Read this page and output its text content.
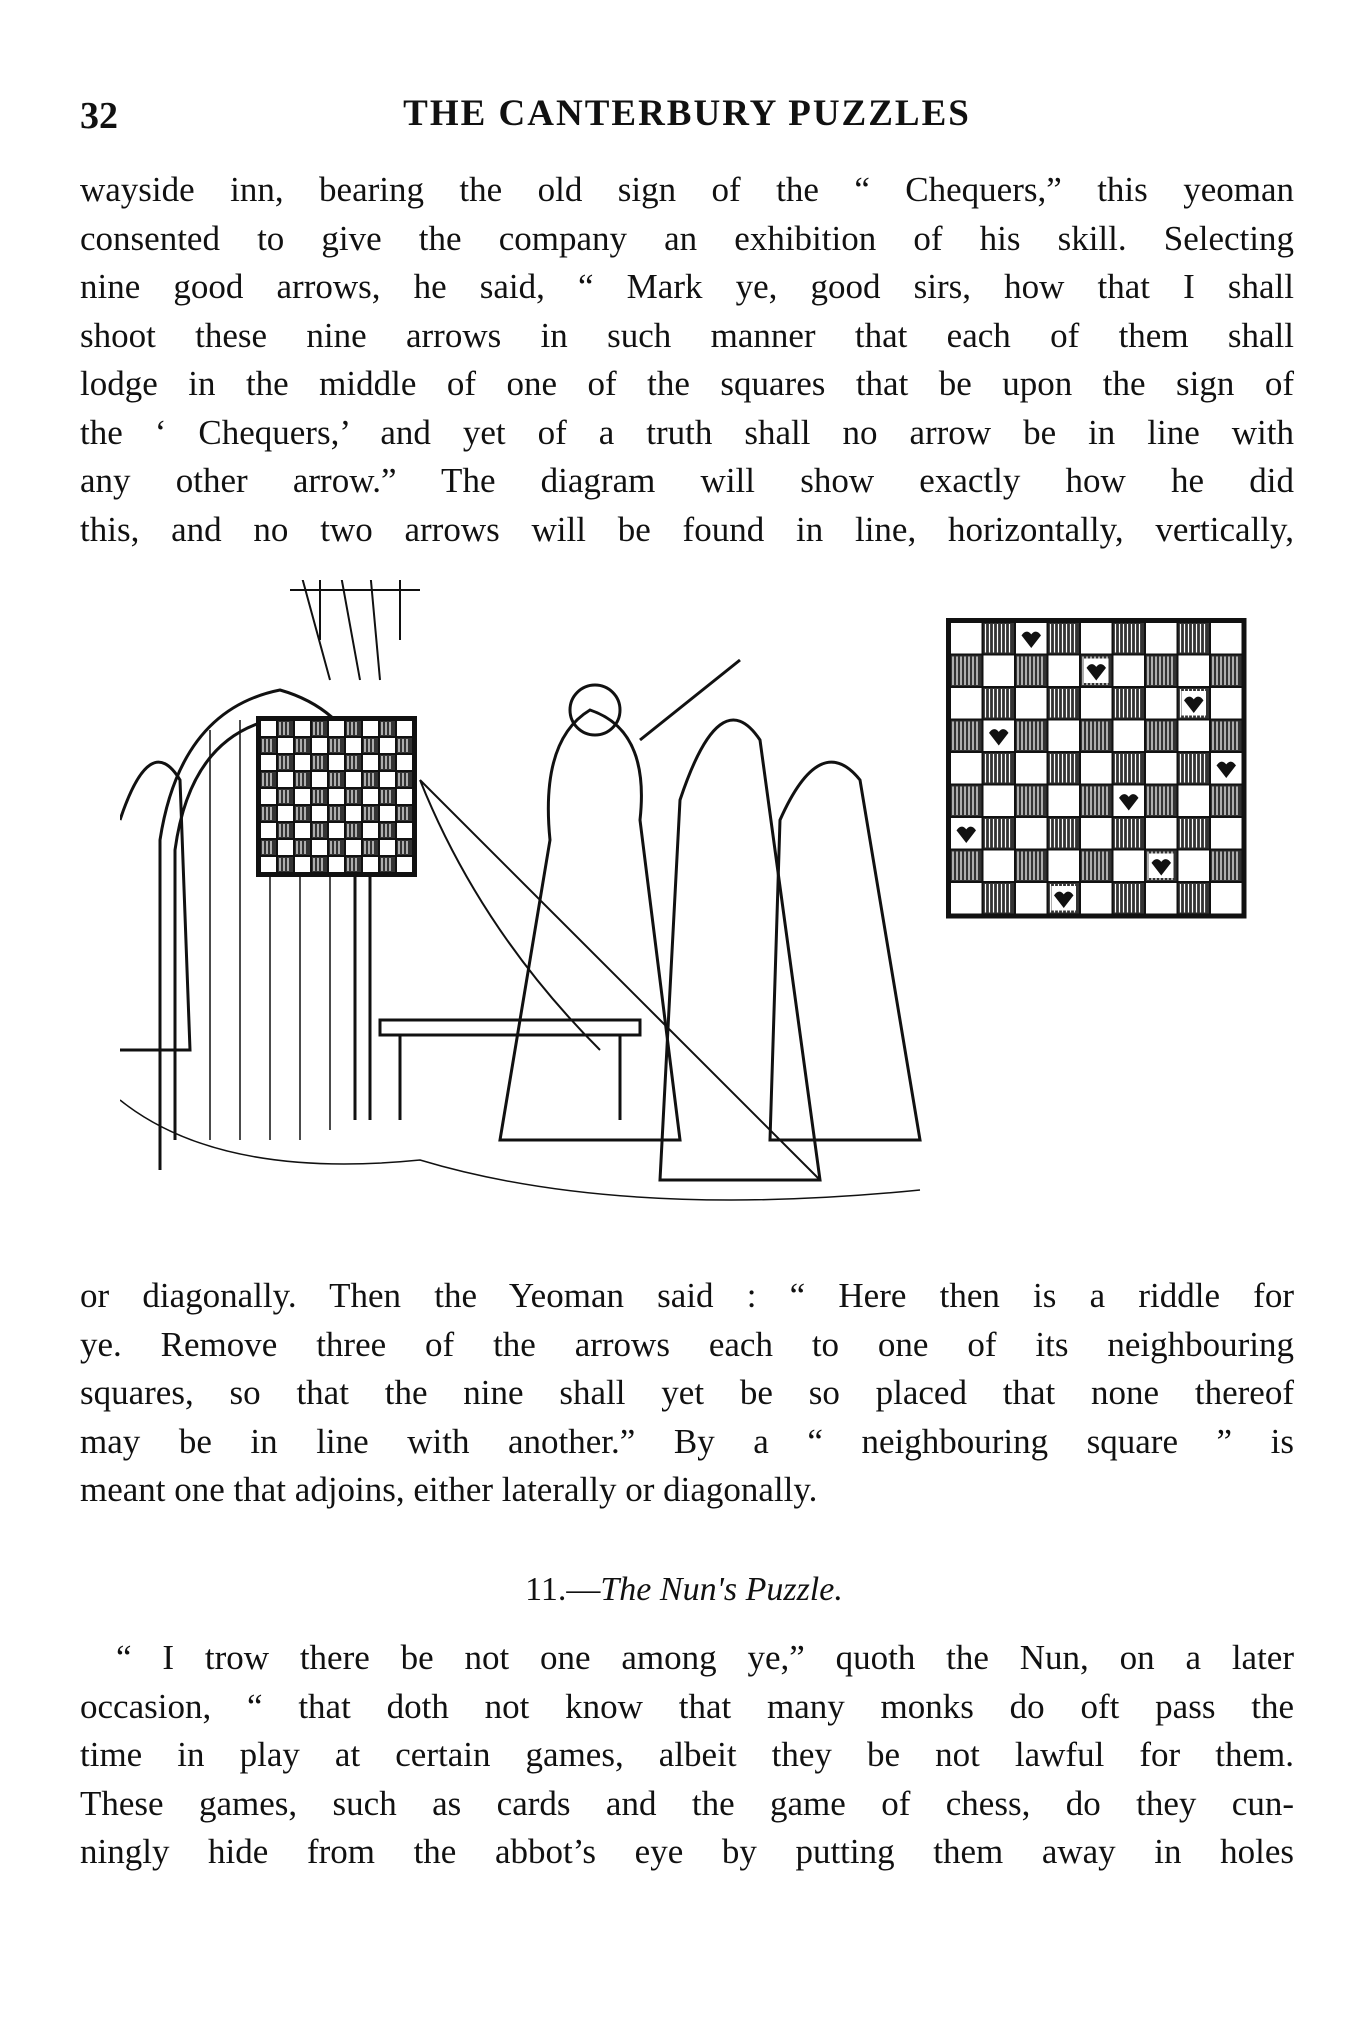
32	THE CANTERBURY PUZZLES
wayside inn, bearing the old sign of the “ Chequers,” this yeoman
consented to give the company an exhibition of his skill. Selecting
nine good arrows, he said, “ Mark ye, good sirs, how that I shall
shoot these nine arrows in such manner that each of them shall
lodge in the middle of one of the squares that be upon the sign of
the ‘ Chequers,’ and yet of a truth shall no arrow be in line with
any other arrow.” The diagram will show exactly how he did
this, and no two arrows will be found in line, horizontally, vertically,
or diagonally. Then the Yeoman said : “ Here then is a riddle for
ye. Remove three of the arrows each to one of its neighbouring
squares, so that the nine shall yet be so placed that none thereof
may be in line with another.” By a “ neighbouring square ” is
meant one that adjoins, either laterally or diagonally.
11.—The Nun's Puzzle.
“ I trow there be not one among ye,” quoth the Nun, on a later
occasion, “ that doth not know that many monks do oft pass the
time in play at certain games, albeit they be not lawful for them.
These games, such as cards and the game of chess, do they cun-
ningly hide from the abbot’s eye by putting them away in holes
